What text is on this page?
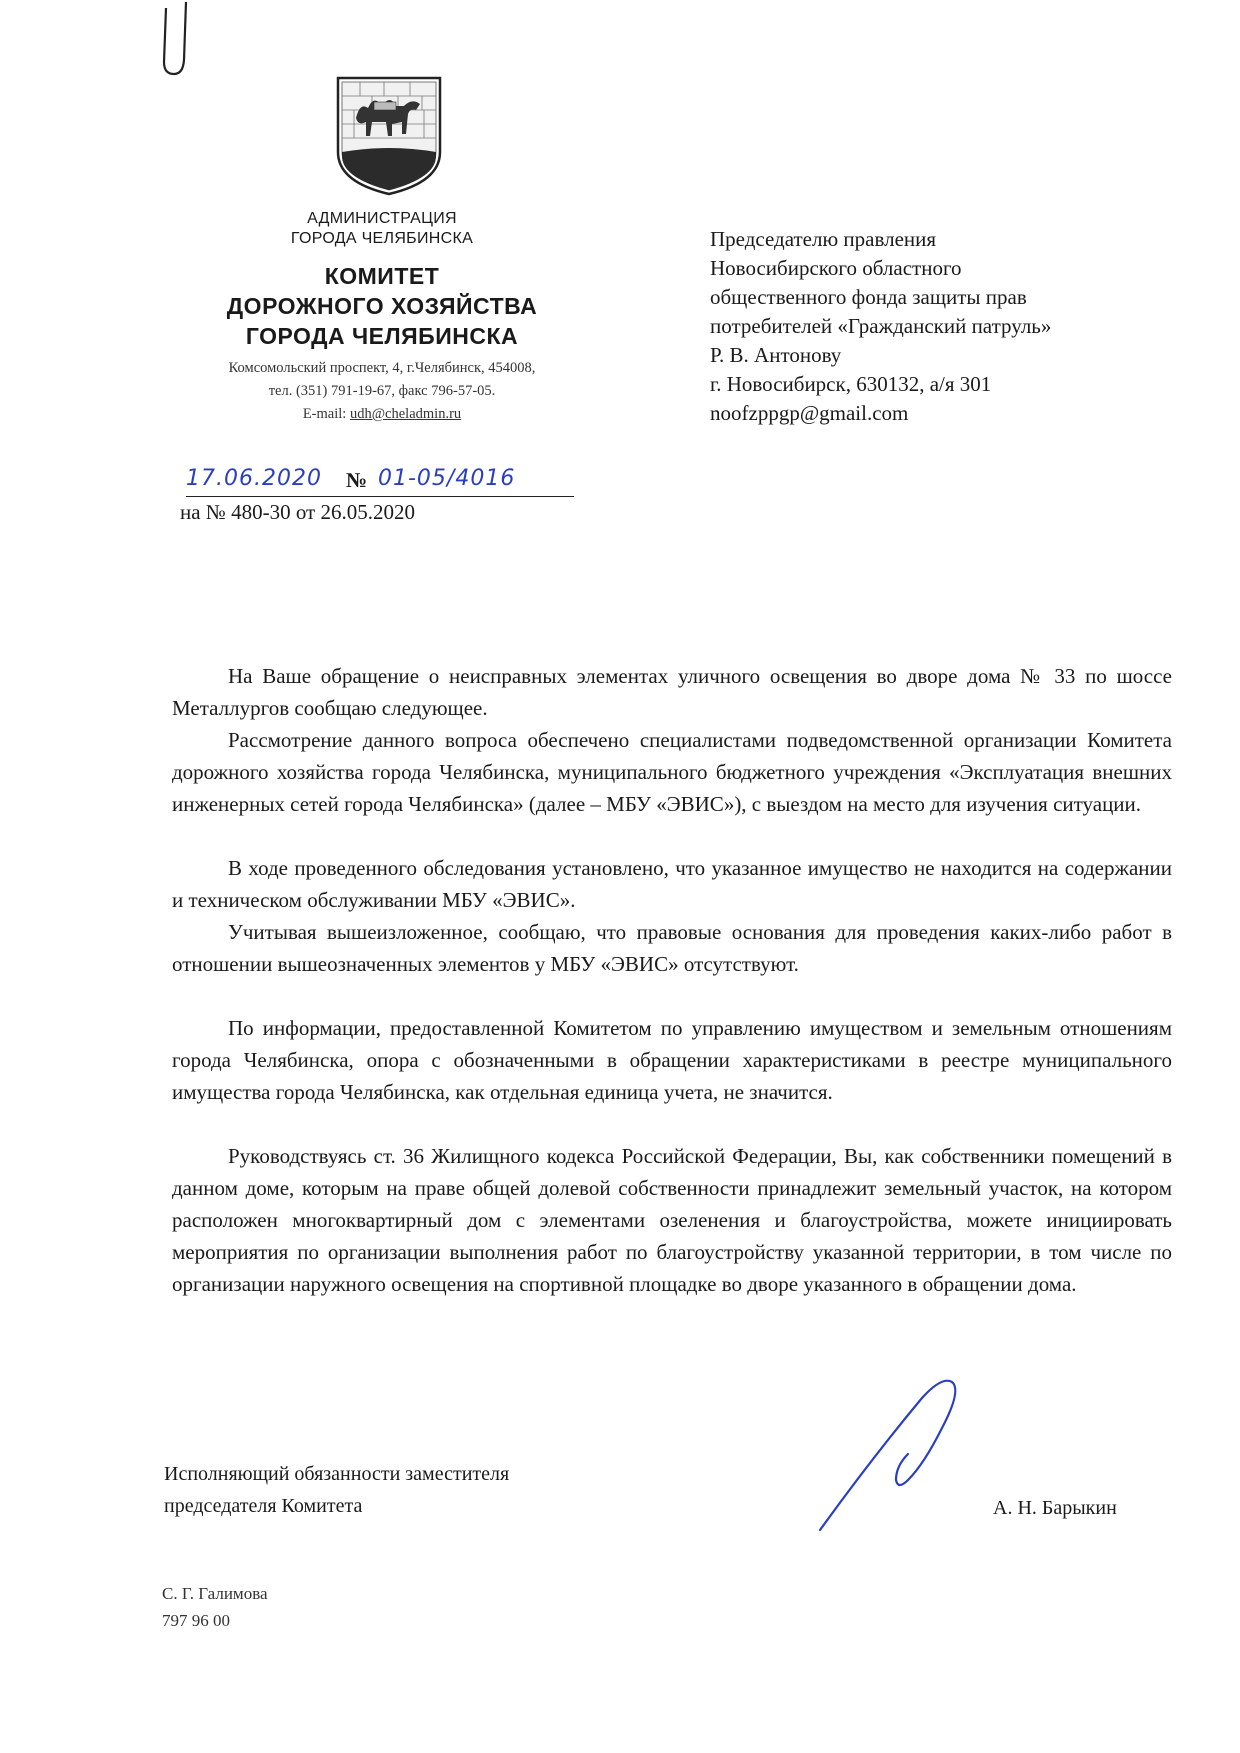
АДМИНИСТРАЦИЯ
ГОРОДА ЧЕЛЯБИНСКА
КОМИТЕТ
ДОРОЖНОГО ХОЗЯЙСТВА
ГОРОДА ЧЕЛЯБИНСКА
Комсомольский проспект, 4, г.Челябинск, 454008,
тел. (351) 791-19-67, факс 796-57-05.
E-mail: udh@cheladmin.ru
Председателю правления
Новосибирского областного
общественного фонда защиты прав
потребителей «Гражданский патруль»
Р. В. Антонову
г. Новосибирск, 630132, а/я 301
noofzppgp@gmail.com
17.06.2020 № 01-05/4016
на № 480-30 от 26.05.2020
На Ваше обращение о неисправных элементах уличного освещения во дворе дома № 33 по шоссе Металлургов сообщаю следующее.
Рассмотрение данного вопроса обеспечено специалистами подведомственной организации Комитета дорожного хозяйства города Челябинска, муниципального бюджетного учреждения «Эксплуатация внешних инженерных сетей города Челябинска» (далее – МБУ «ЭВИС»), с выездом на место для изучения ситуации.
В ходе проведенного обследования установлено, что указанное имущество не находится на содержании и техническом обслуживании МБУ «ЭВИС».
Учитывая вышеизложенное, сообщаю, что правовые основания для проведения каких-либо работ в отношении вышеозначенных элементов у МБУ «ЭВИС» отсутствуют.
По информации, предоставленной Комитетом по управлению имуществом и земельным отношениям города Челябинска, опора с обозначенными в обращении характеристиками в реестре муниципального имущества города Челябинска, как отдельная единица учета, не значится.
Руководствуясь ст. 36 Жилищного кодекса Российской Федерации, Вы, как собственники помещений в данном доме, которым на праве общей долевой собственности принадлежит земельный участок, на котором расположен многоквартирный дом с элементами озеленения и благоустройства, можете инициировать мероприятия по организации выполнения работ по благоустройству указанной территории, в том числе по организации наружного освещения на спортивной площадке во дворе указанного в обращении дома.
Исполняющий обязанности заместителя
председателя Комитета	А. Н. Барыкин
С. Г. Галимова
797 96 00
